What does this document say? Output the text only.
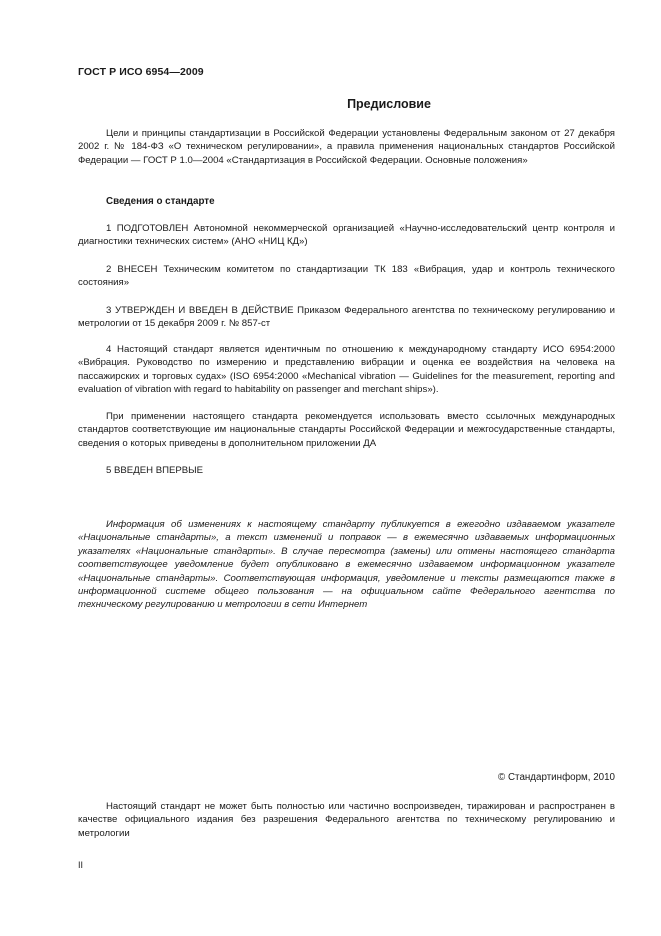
ГОСТ Р ИСО 6954—2009
Предисловие

Цели и принципы стандартизации в Российской Федерации установлены Федеральным законом от 27 декабря 2002 г. № 184-ФЗ «О техническом регулировании», а правила применения национальных стандартов Российской Федерации — ГОСТ Р 1.0—2004 «Стандартизация в Российской Федерации. Основные положения»

Сведения о стандарте

1 ПОДГОТОВЛЕН Автономной некоммерческой организацией «Научно-исследовательский центр контроля и диагностики технических систем» (АНО «НИЦ КД»)

2 ВНЕСЕН Техническим комитетом по стандартизации ТК 183 «Вибрация, удар и контроль технического состояния»

3 УТВЕРЖДЕН И ВВЕДЕН В ДЕЙСТВИЕ Приказом Федерального агентства по техническому регулированию и метрологии от 15 декабря 2009 г. № 857-ст

4 Настоящий стандарт является идентичным по отношению к международному стандарту ИСО 6954:2000 «Вибрация. Руководство по измерению и представлению вибрации и оценка ее воздействия на человека на пассажирских и торговых судах» (ISO 6954:2000 «Mechanical vibration — Guidelines for the measurement, reporting and evaluation of vibration with regard to habitability on passenger and merchant ships»).

При применении настоящего стандарта рекомендуется использовать вместо ссылочных международных стандартов соответствующие им национальные стандарты Российской Федерации и межгосударственные стандарты, сведения о которых приведены в дополнительном приложении ДА

5 ВВЕДЕН ВПЕРВЫЕ

Информация об изменениях к настоящему стандарту публикуется в ежегодно издаваемом указателе «Национальные стандарты», а текст изменений и поправок — в ежемесячно издаваемых информационных указателях «Национальные стандарты». В случае пересмотра (замены) или отмены настоящего стандарта соответствующее уведомление будет опубликовано в ежемесячно издаваемом информационном указателе «Национальные стандарты». Соответствующая информация, уведомление и тексты размещаются также в информационной системе общего пользования — на официальном сайте Федерального агентства по техническому регулированию и метрологии в сети Интернет

© Стандартинформ, 2010

Настоящий стандарт не может быть полностью или частично воспроизведен, тиражирован и распространен в качестве официального издания без разрешения Федерального агентства по техническому регулированию и метрологии

II
